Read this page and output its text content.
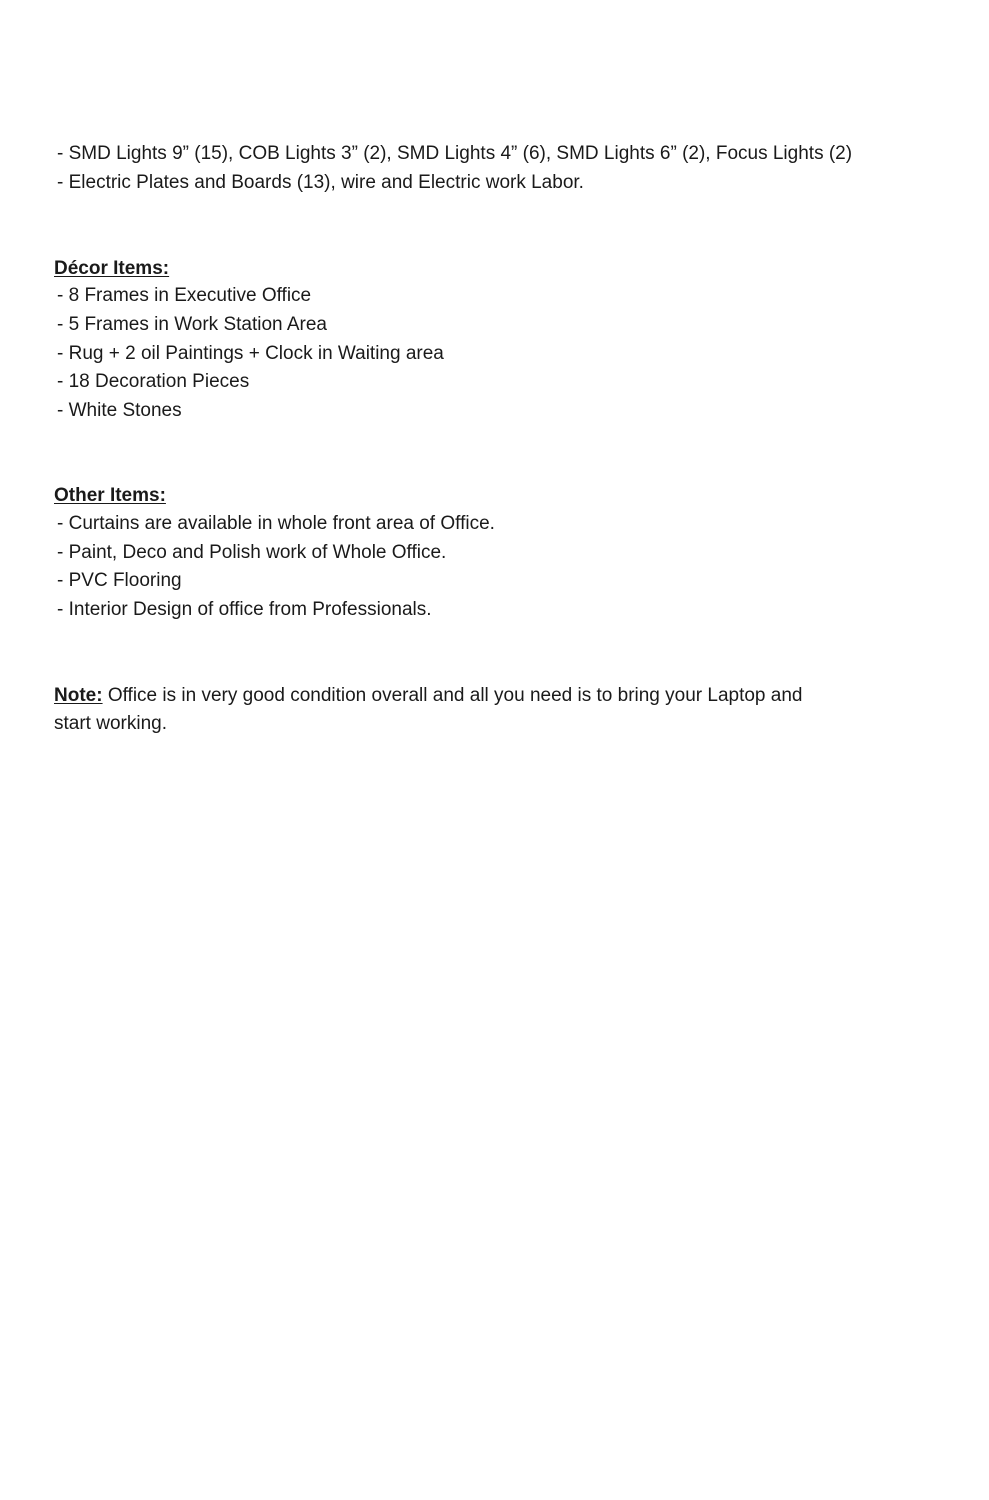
- SMD Lights 9” (15), COB Lights 3” (2), SMD Lights 4” (6), SMD Lights 6” (2), Focus Lights (2)
- Electric Plates and Boards (13), wire and Electric work Labor.
Décor Items:
- 8 Frames in Executive Office
- 5 Frames in Work Station Area
- Rug + 2 oil Paintings + Clock in Waiting area
- 18 Decoration Pieces
- White Stones
Other Items:
- Curtains are available in whole front area of Office.
- Paint, Deco and Polish work of Whole Office.
- PVC Flooring
- Interior Design of office from Professionals.
Note: Office is in very good condition overall and all you need is to bring your Laptop and
start working.
